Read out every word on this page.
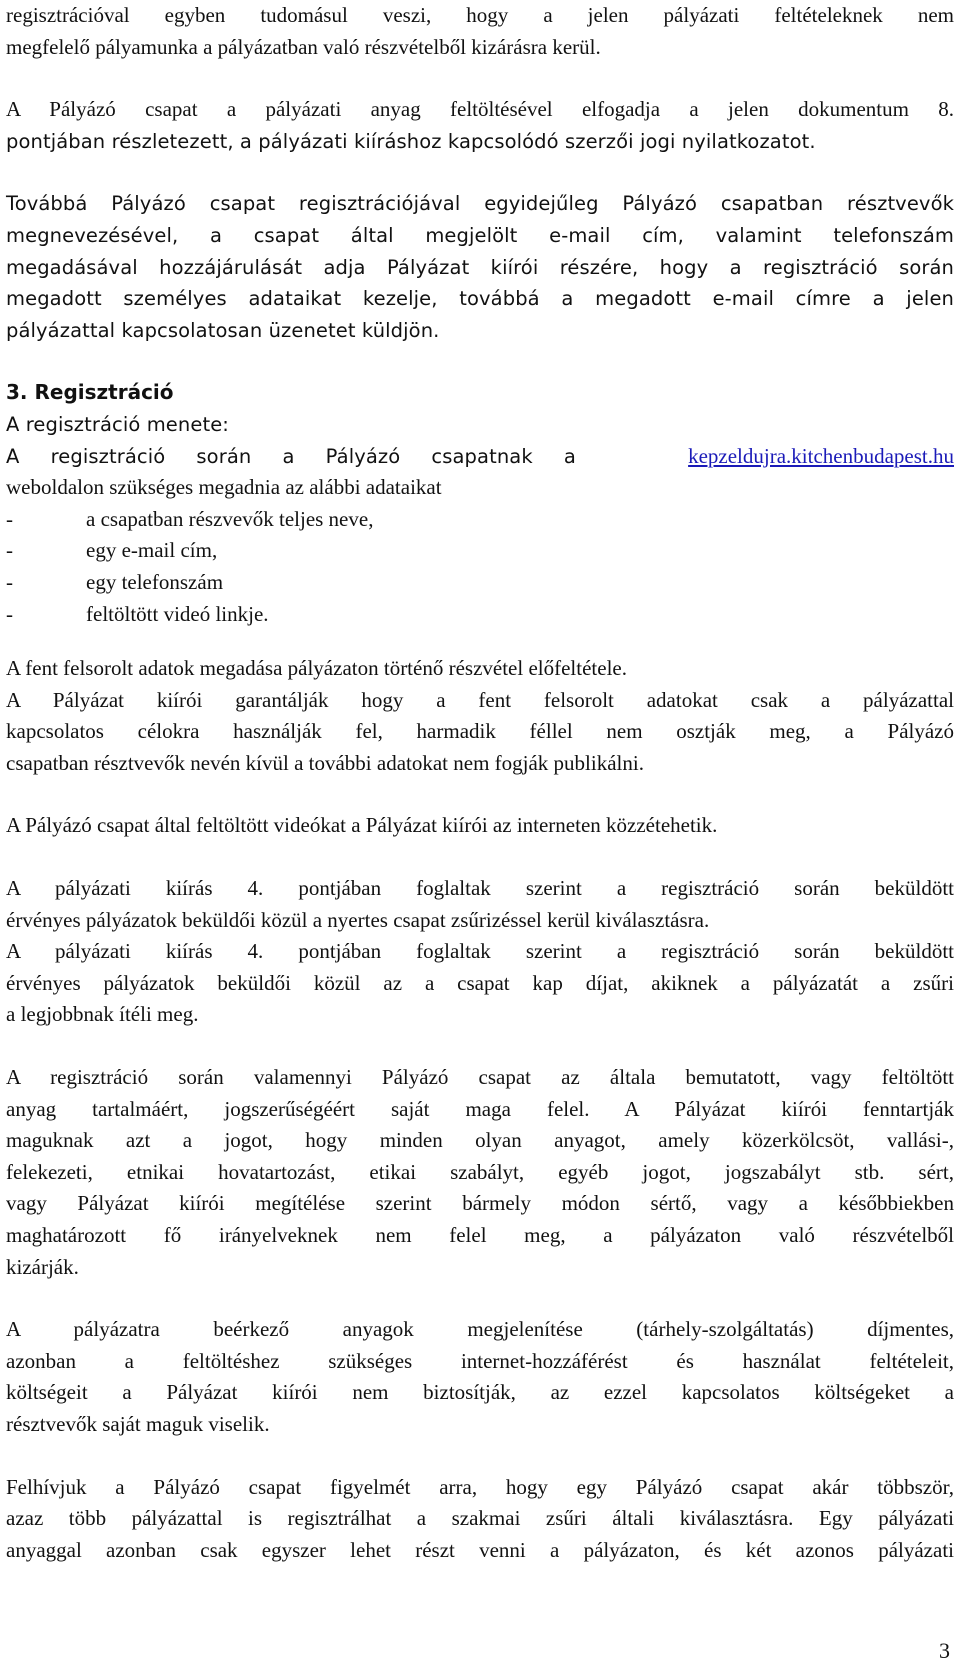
regisztrációval egyben tudomásul veszi, hogy a jelen pályázati feltételeknek nem
megfelelő pályamunka a pályázatban való részvételből kizárásra kerül.
A Pályázó csapat a pályázati anyag feltöltésével elfogadja a jelen dokumentum 8.
pontjában részletezett, a pályázati kiíráshoz kapcsolódó szerzői jogi nyilatkozatot.
Továbbá Pályázó csapat regisztrációjával egyidejűleg Pályázó csapatban résztvevők
megnevezésével, a csapat által megjelölt e-mail cím, valamint telefonszám
megadásával hozzájárulását adja Pályázat kiírói részére, hogy a regisztráció során
megadott személyes adataikat kezelje, továbbá a megadott e-mail címre a jelen
pályázattal kapcsolatosan üzenetet küldjön.
3. Regisztráció
A regisztráció menete:
A regisztráció során a Pályázó csapatnak a	kepzeldujra.kitchenbudapest.hu
weboldalon szükséges megadnia az alábbi adataikat
-	a csapatban részvevők teljes neve,
-	egy e-mail cím,
-	egy telefonszám
-	feltöltött videó linkje.
A fent felsorolt adatok megadása pályázaton történő részvétel előfeltétele.
A Pályázat kiírói garantálják hogy a fent felsorolt adatokat csak a pályázattal
kapcsolatos célokra használják fel, harmadik féllel nem osztják meg, a Pályázó
csapatban résztvevők nevén kívül a további adatokat nem fogják publikálni.
A Pályázó csapat által feltöltött videókat a Pályázat kiírói az interneten közzétehetik.
A pályázati kiírás 4. pontjában foglaltak szerint a regisztráció során beküldött
érvényes pályázatok beküldői közül a nyertes csapat zsűrizéssel kerül kiválasztásra.
A pályázati kiírás 4. pontjában foglaltak szerint a regisztráció során beküldött
érvényes pályázatok beküldői közül az a csapat kap díjat, akiknek a pályázatát a zsűri
a legjobbnak ítéli meg.
A regisztráció során valamennyi Pályázó csapat az általa bemutatott, vagy feltöltött
anyag tartalmáért, jogszerűségéért saját maga felel. A Pályázat kiírói fenntartják
maguknak azt a jogot, hogy minden olyan anyagot, amely közerkölcsöt, vallási-,
felekezeti, etnikai hovatartozást, etikai szabályt, egyéb jogot, jogszabályt stb. sért,
vagy Pályázat kiírói megítélése szerint bármely módon sértő, vagy a későbbiekben
maghatározott fő irányelveknek nem felel meg, a pályázaton való részvételből
kizárják.
A pályázatra beérkező anyagok megjelenítése (tárhely-szolgáltatás) díjmentes,
azonban a feltöltéshez szükséges internet-hozzáférést és használat feltételeit,
költségeit a Pályázat kiírói nem biztosítják, az ezzel kapcsolatos költségeket a
résztvevők saját maguk viselik.
Felhívjuk a Pályázó csapat figyelmét arra, hogy egy Pályázó csapat akár többször,
azaz több pályázattal is regisztrálhat a szakmai zsűri általi kiválasztásra. Egy pályázati
anyaggal azonban csak egyszer lehet részt venni a pályázaton, és két azonos pályázati
3
